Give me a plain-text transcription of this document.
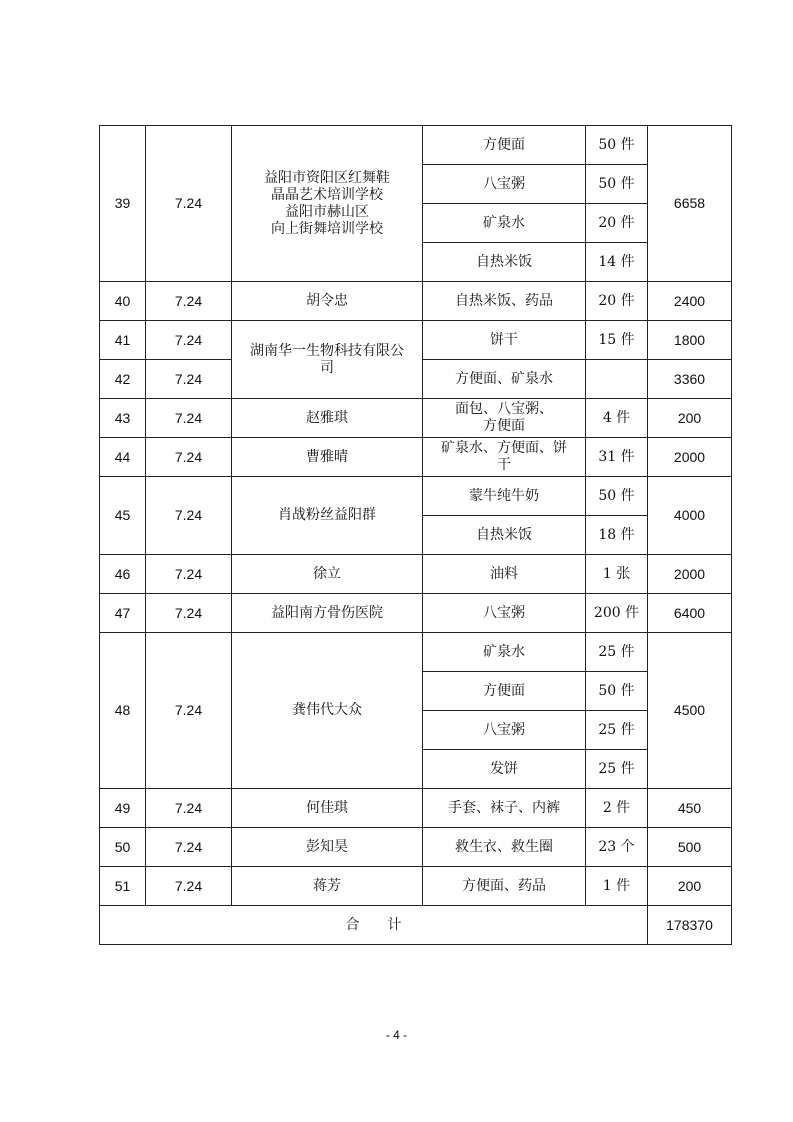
39	7.24	益阳市资阳区红舞鞋
晶晶艺术培训学校
益阳市赫山区
向上街舞培训学校	方便面	50 件	6658
			八宝粥	50 件	
			矿泉水	20 件	
			自热米饭	14 件	
40	7.24	胡令忠	自热米饭、药品	20 件	2400
41	7.24	湖南华一生物科技有限公
司	饼干	15 件	1800
42	7.24		方便面、矿泉水		3360
43	7.24	赵雅琪	面包、八宝粥、
方便面	4 件	200
44	7.24	曹雅晴	矿泉水、方便面、饼
干	31 件	2000
45	7.24	肖战粉丝益阳群	蒙牛纯牛奶	50 件	4000
			自热米饭	18 件	
46	7.24	徐立	油料	1 张	2000
47	7.24	益阳南方骨伤医院	八宝粥	200 件	6400
48	7.24	龚伟代大众	矿泉水	25 件	4500
			方便面	50 件	
			八宝粥	25 件	
			发饼	25 件	
49	7.24	何佳琪	手套、袜子、内裤	2 件	450
50	7.24	彭知昊	救生衣、救生圈	23 个	500
51	7.24	蒋芳	方便面、药品	1 件	200
合计					178370
- 4 -
